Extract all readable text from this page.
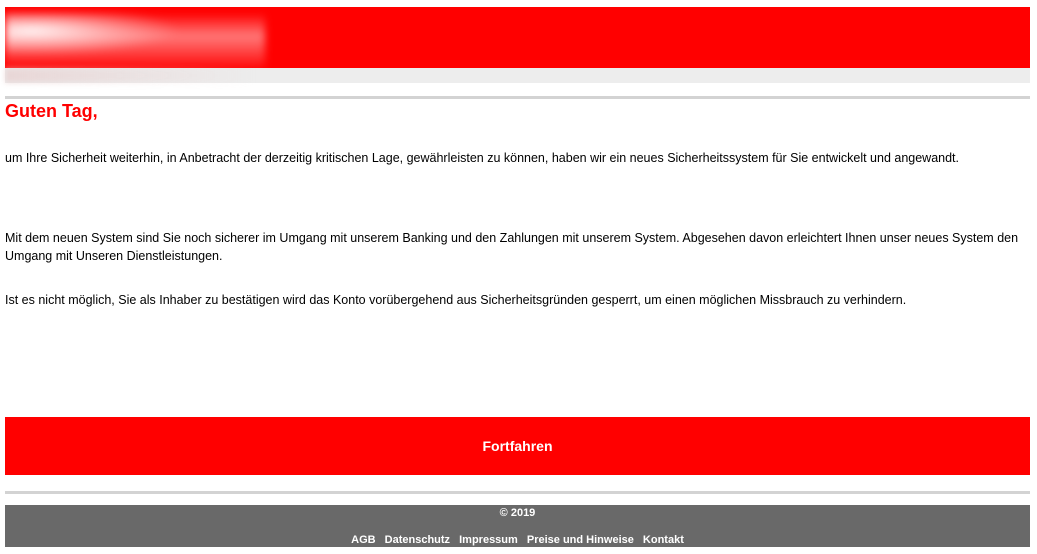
Guten Tag,

um Ihre Sicherheit weiterhin, in Anbetracht der derzeitig kritischen Lage, gewährleisten zu können, haben wir ein neues Sicherheitssystem für Sie entwickelt und angewandt.

Mit dem neuen System sind Sie noch sicherer im Umgang mit unserem Banking und den Zahlungen mit unserem System. Abgesehen davon erleichtert Ihnen unser neues System den Umgang mit Unseren Dienstleistungen.

Ist es nicht möglich, Sie als Inhaber zu bestätigen wird das Konto vorübergehend aus Sicherheitsgründen gesperrt, um einen möglichen Missbrauch zu verhindern.

Fortfahren
© 2019
AGB Datenschutz Impressum Preise und Hinweise Kontakt
